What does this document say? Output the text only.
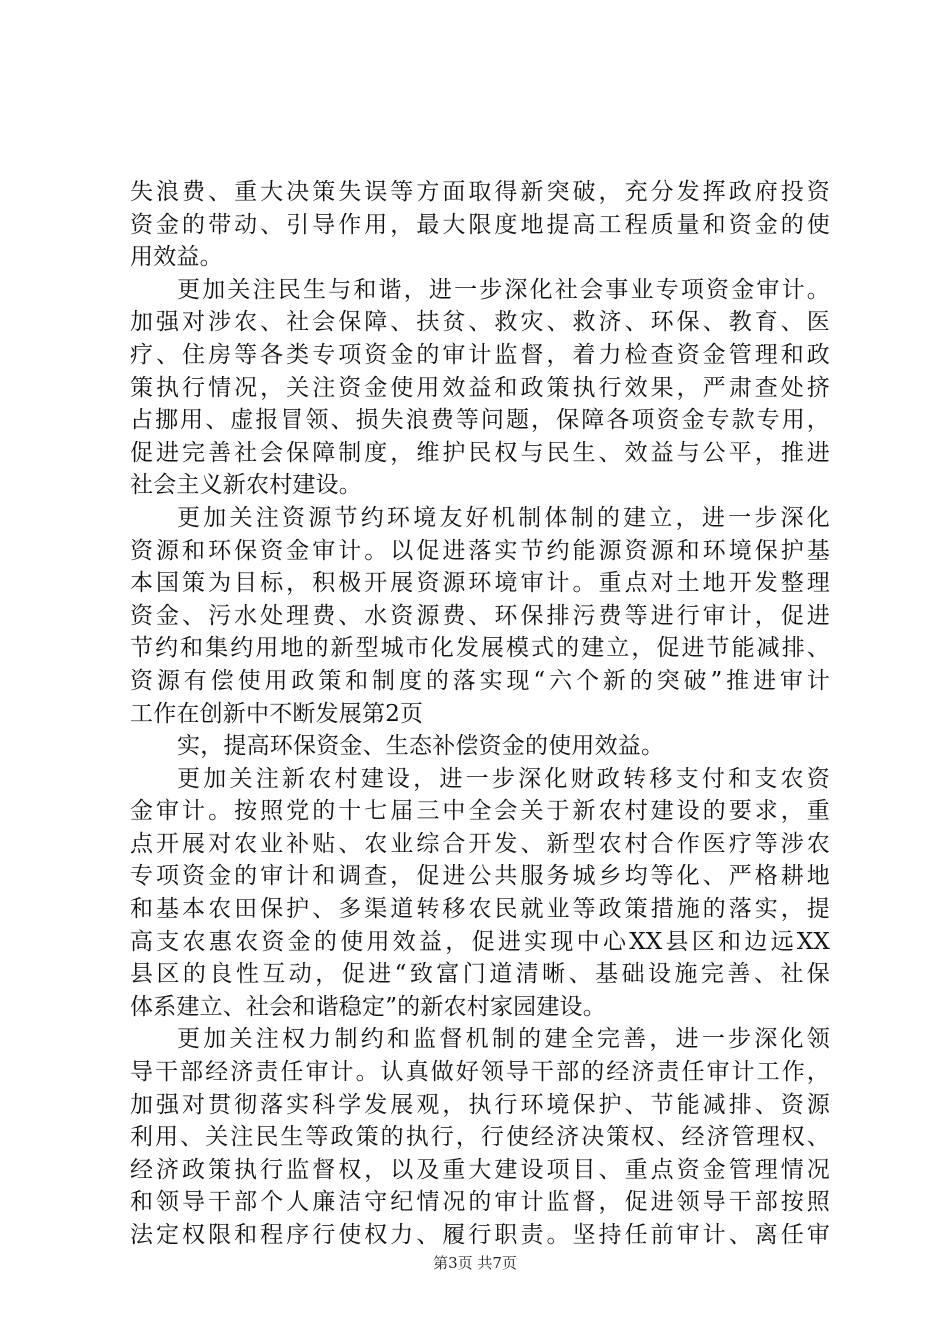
失浪费、重大决策失误等方面取得新突破，充分发挥政府投资
资金的带动、引导作用，最大限度地提高工程质量和资金的使
用效益。
更加关注民生与和谐，进一步深化社会事业专项资金审计。
加强对涉农、社会保障、扶贫、救灾、救济、环保、教育、医
疗、住房等各类专项资金的审计监督，着力检查资金管理和政
策执行情况，关注资金使用效益和政策执行效果，严肃查处挤
占挪用、虚报冒领、损失浪费等问题，保障各项资金专款专用，
促进完善社会保障制度，维护民权与民生、效益与公平，推进
社会主义新农村建设。
更加关注资源节约环境友好机制体制的建立，进一步深化
资源和环保资金审计。以促进落实节约能源资源和环境保护基
本国策为目标，积极开展资源环境审计。重点对土地开发整理
资金、污水处理费、水资源费、环保排污费等进行审计，促进
节约和集约用地的新型城市化发展模式的建立，促进节能减排、
资源有偿使用政策和制度的落实现“六个新的突破”推进审计
工作在创新中不断发展第2页
实，提高环保资金、生态补偿资金的使用效益。
更加关注新农村建设，进一步深化财政转移支付和支农资
金审计。按照党的十七届三中全会关于新农村建设的要求，重
点开展对农业补贴、农业综合开发、新型农村合作医疗等涉农
专项资金的审计和调查，促进公共服务城乡均等化、严格耕地
和基本农田保护、多渠道转移农民就业等政策措施的落实，提
高支农惠农资金的使用效益，促进实现中心XX县区和边远XX
县区的良性互动，促进“致富门道清晰、基础设施完善、社保
体系建立、社会和谐稳定”的新农村家园建设。
更加关注权力制约和监督机制的建全完善，进一步深化领
导干部经济责任审计。认真做好领导干部的经济责任审计工作，
加强对贯彻落实科学发展观，执行环境保护、节能减排、资源
利用、关注民生等政策的执行，行使经济决策权、经济管理权、
经济政策执行监督权，以及重大建设项目、重点资金管理情况
和领导干部个人廉洁守纪情况的审计监督，促进领导干部按照
法定权限和程序行使权力、履行职责。坚持任前审计、离任审
第3页 共7页
